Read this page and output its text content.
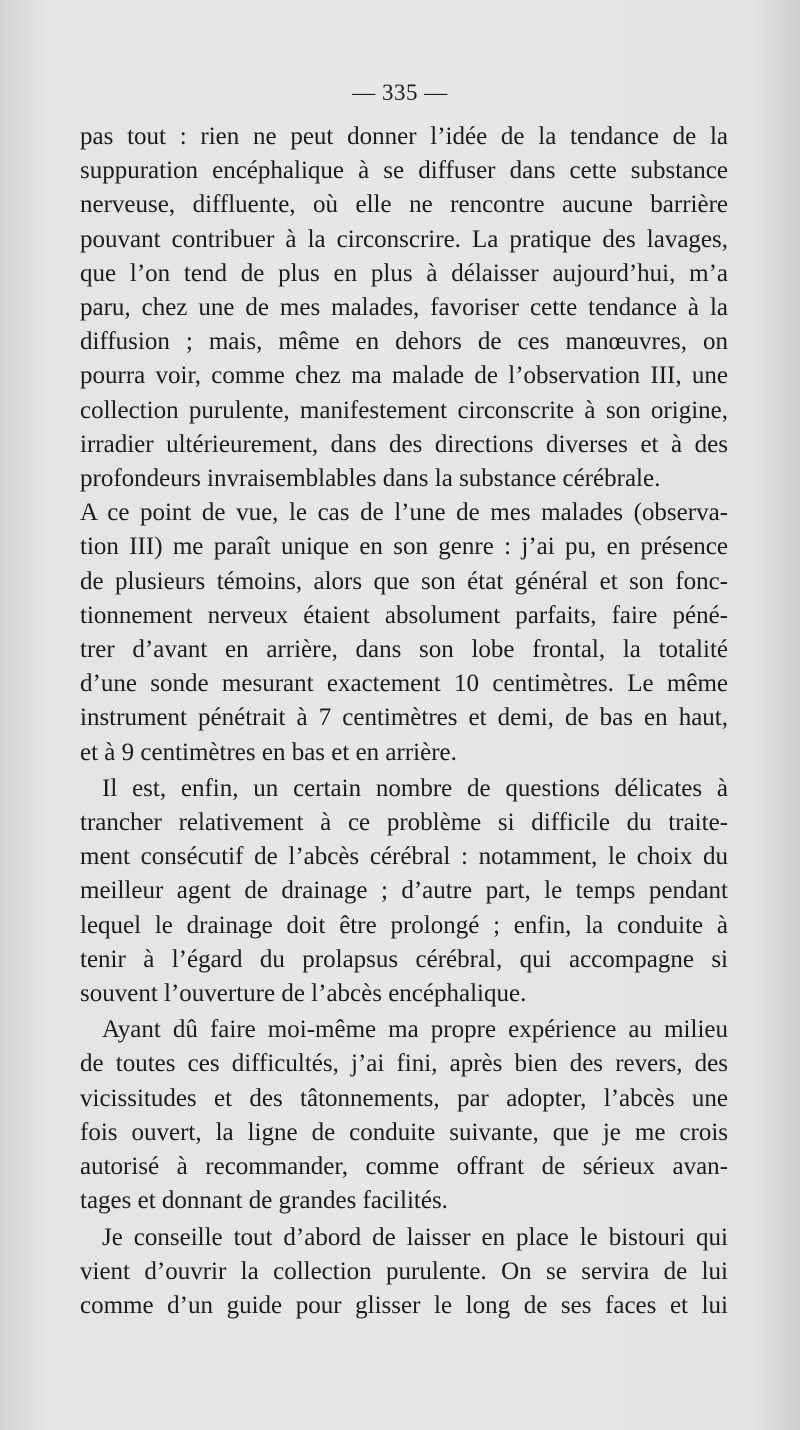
— 335 —

pas tout : rien ne peut donner l’idée de la tendance de la
suppuration encéphalique à se diffuser dans cette substance
nerveuse, diffluente, où elle ne rencontre aucune barrière
pouvant contribuer à la circonscrire. La pratique des lavages,
que l’on tend de plus en plus à délaisser aujourd’hui, m’a
paru, chez une de mes malades, favoriser cette tendance à la
diffusion ; mais, même en dehors de ces manœuvres, on
pourra voir, comme chez ma malade de l’observation III, une
collection purulente, manifestement circonscrite à son origine,
irradier ultérieurement, dans des directions diverses et à des
profondeurs invraisemblables dans la substance cérébrale.
A ce point de vue, le cas de l’une de mes malades (observa-
tion III) me paraît unique en son genre : j’ai pu, en présence
de plusieurs témoins, alors que son état général et son fonc-
tionnement nerveux étaient absolument parfaits, faire péné-
trer d’avant en arrière, dans son lobe frontal, la totalité
d’une sonde mesurant exactement 10 centimètres. Le même
instrument pénétrait à 7 centimètres et demi, de bas en haut,
et à 9 centimètres en bas et en arrière.

Il est, enfin, un certain nombre de questions délicates à
trancher relativement à ce problème si difficile du traite-
ment consécutif de l’abcès cérébral : notamment, le choix du
meilleur agent de drainage ; d’autre part, le temps pendant
lequel le drainage doit être prolongé ; enfin, la conduite à
tenir à l’égard du prolapsus cérébral, qui accompagne si
souvent l’ouverture de l’abcès encéphalique.

Ayant dû faire moi-même ma propre expérience au milieu
de toutes ces difficultés, j’ai fini, après bien des revers, des
vicissitudes et des tâtonnements, par adopter, l’abcès une
fois ouvert, la ligne de conduite suivante, que je me crois
autorisé à recommander, comme offrant de sérieux avan-
tages et donnant de grandes facilités.

Je conseille tout d’abord de laisser en place le bistouri qui
vient d’ouvrir la collection purulente. On se servira de lui
comme d’un guide pour glisser le long de ses faces et lui
